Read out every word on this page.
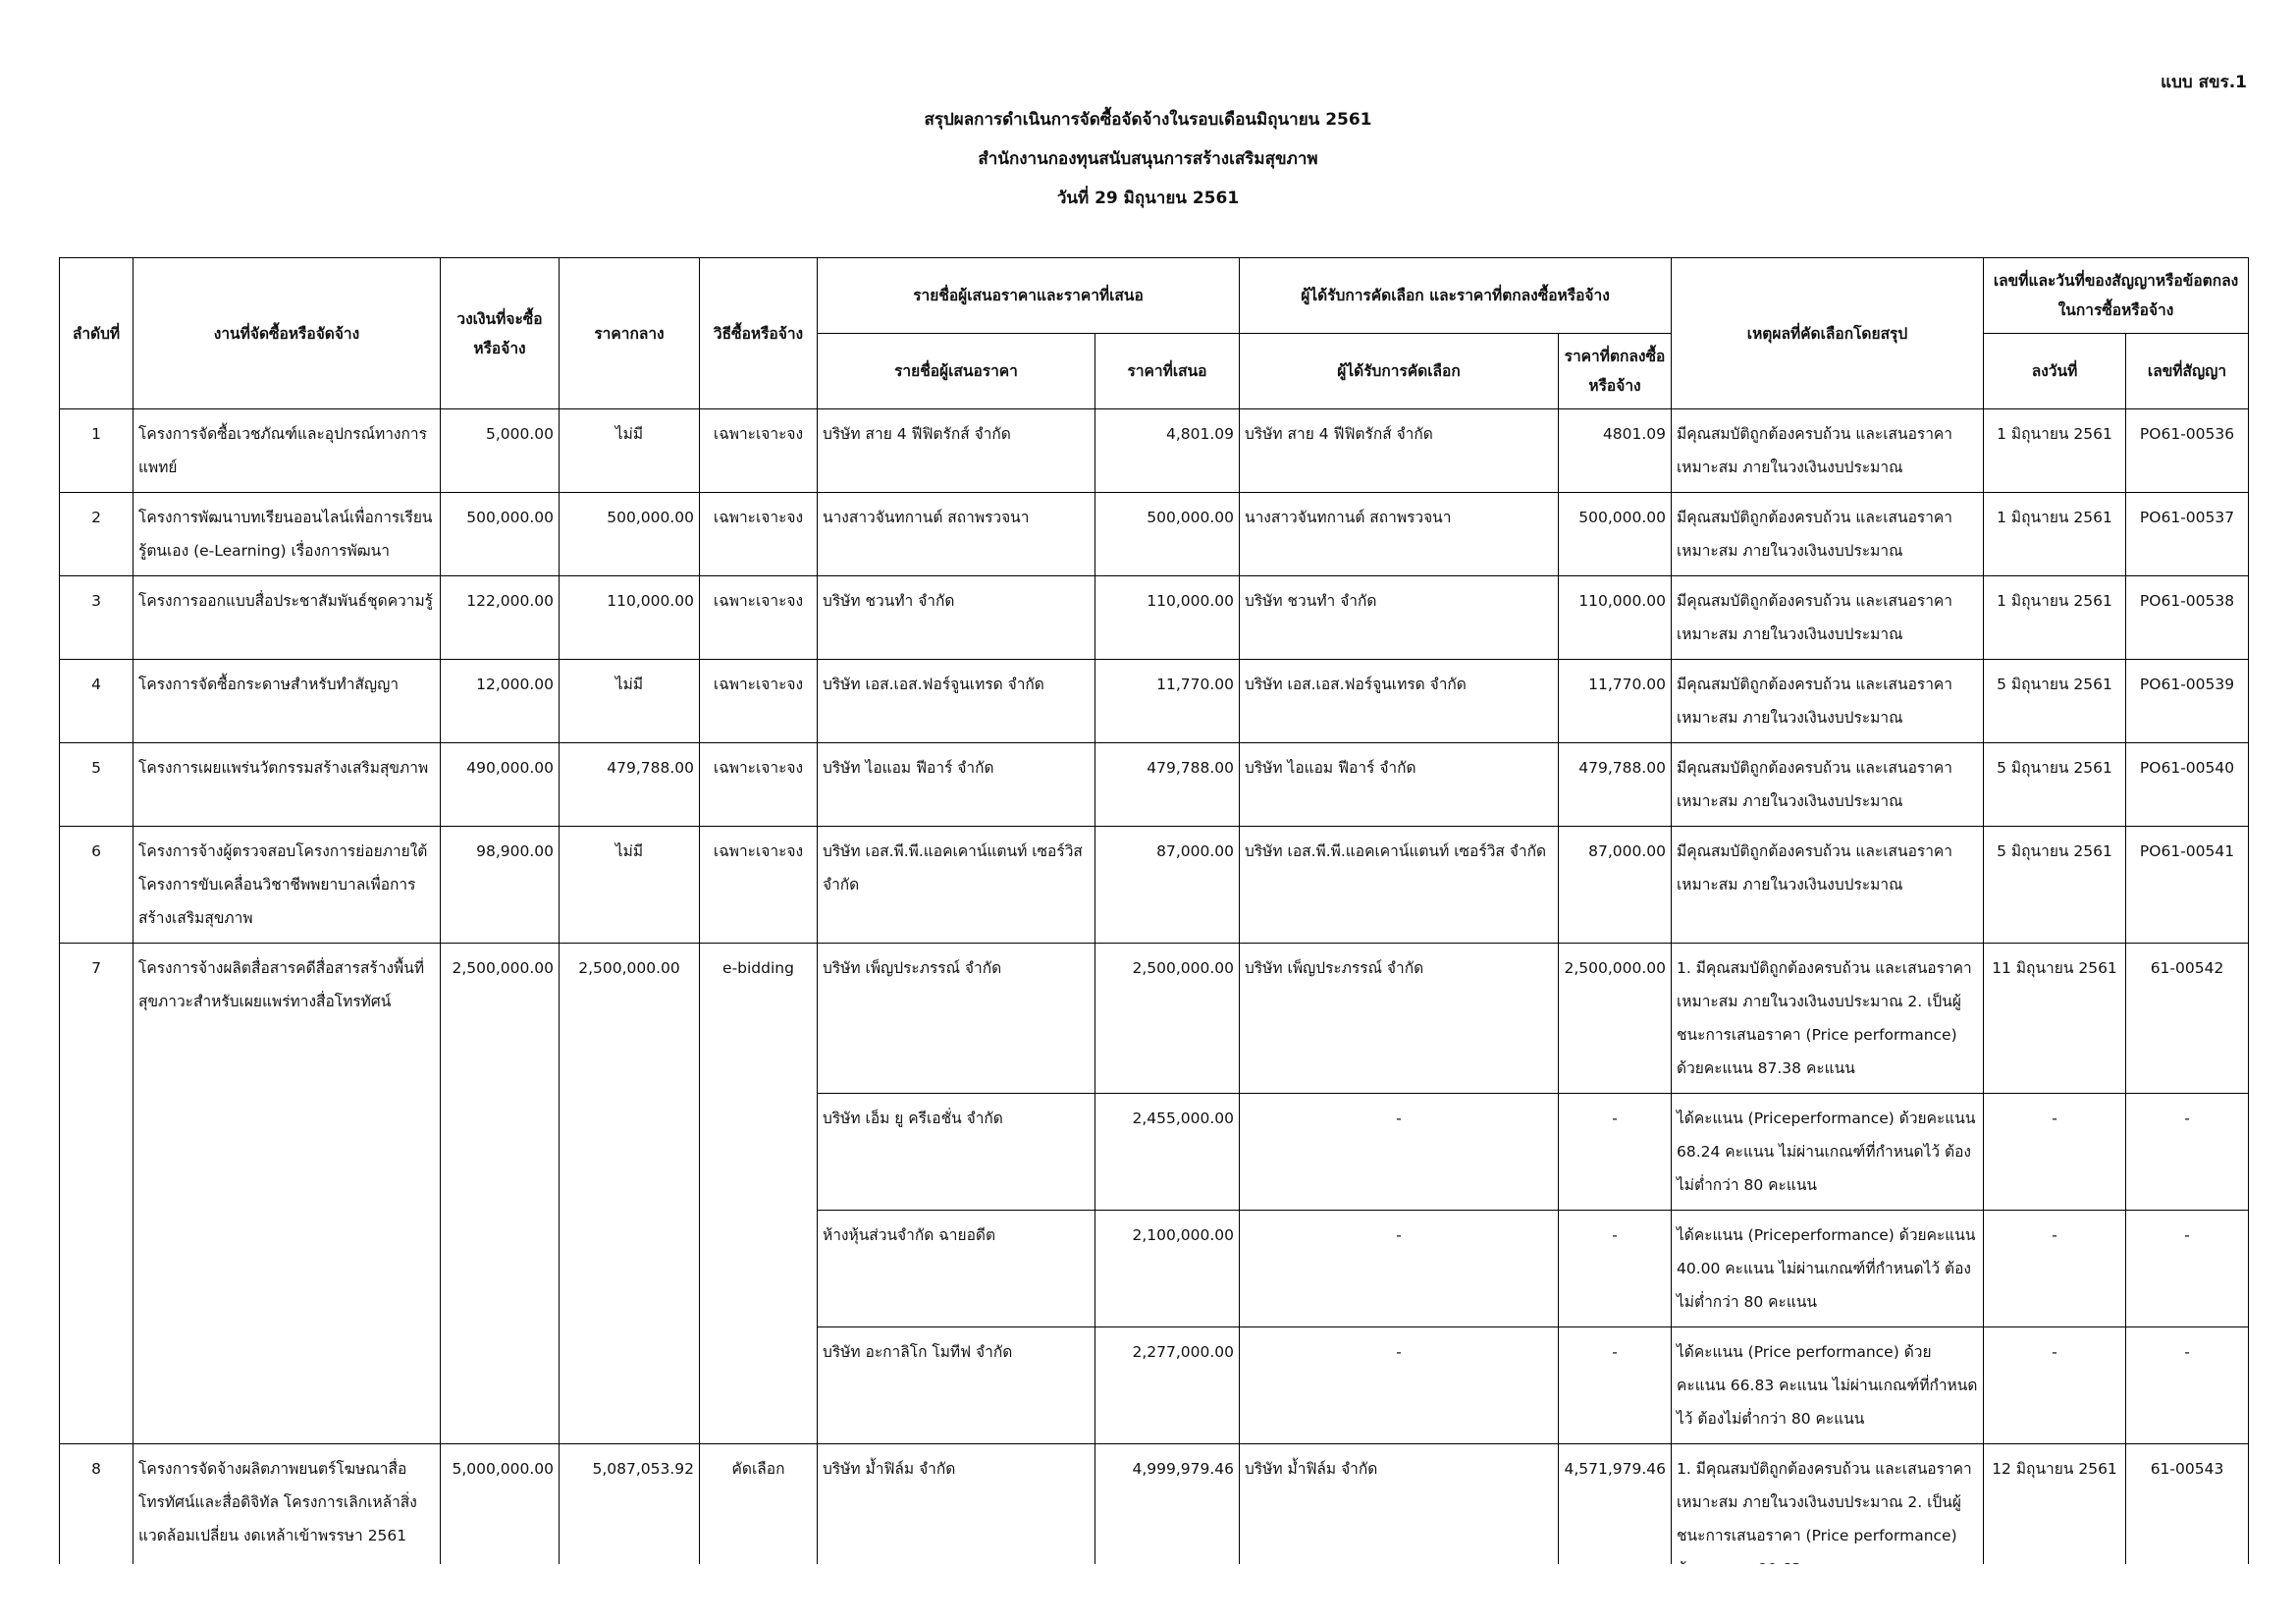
แบบ สขร.1
สรุปผลการดำเนินการจัดซื้อจัดจ้างในรอบเดือนมิถุนายน 2561
สำนักงานกองทุนสนับสนุนการสร้างเสริมสุขภาพ
วันที่ 29 มิถุนายน 2561
ลำดับที่	งานที่จัดซื้อหรือจัดจ้าง	วงเงินที่จะซื้อหรือจ้าง	ราคากลาง	วิธีซื้อหรือจ้าง	รายชื่อผู้เสนอราคาและราคาที่เสนอ		ผู้ได้รับการคัดเลือก และราคาที่ตกลงซื้อหรือจ้าง		เหตุผลที่คัดเลือกโดยสรุป	เลขที่และวันที่ของสัญญาหรือข้อตกลงในการซื้อหรือจ้าง	
					รายชื่อผู้เสนอราคา	ราคาที่เสนอ	ผู้ได้รับการคัดเลือก	ราคาที่ตกลงซื้อหรือจ้าง		ลงวันที่	เลขที่สัญญา
1	โครงการจัดซื้อเวชภัณฑ์และอุปกรณ์ทางการแพทย์	5,000.00	ไม่มี	เฉพาะเจาะจง	บริษัท สาย 4 ฟีฟิตรักส์ จำกัด	4,801.09	บริษัท สาย 4 ฟีฟิตรักส์ จำกัด	4801.09	มีคุณสมบัติถูกต้องครบถ้วน และเสนอราคาเหมาะสม ภายในวงเงินงบประมาณ	1 มิถุนายน 2561	PO61-00536
2	โครงการพัฒนาบทเรียนออนไลน์เพื่อการเรียนรู้ตนเอง (e-Learning) เรื่องการพัฒนา	500,000.00	500,000.00	เฉพาะเจาะจง	นางสาวจันทกานต์ สถาพรวจนา	500,000.00	นางสาวจันทกานต์ สถาพรวจนา	500,000.00	มีคุณสมบัติถูกต้องครบถ้วน และเสนอราคาเหมาะสม ภายในวงเงินงบประมาณ	1 มิถุนายน 2561	PO61-00537
3	โครงการออกแบบสื่อประชาสัมพันธ์ชุดความรู้	122,000.00	110,000.00	เฉพาะเจาะจง	บริษัท ชวนทำ จำกัด	110,000.00	บริษัท ชวนทำ จำกัด	110,000.00	มีคุณสมบัติถูกต้องครบถ้วน และเสนอราคาเหมาะสม ภายในวงเงินงบประมาณ	1 มิถุนายน 2561	PO61-00538
4	โครงการจัดซื้อกระดาษสำหรับทำสัญญา	12,000.00	ไม่มี	เฉพาะเจาะจง	บริษัท เอส.เอส.ฟอร์จูนเทรด จำกัด	11,770.00	บริษัท เอส.เอส.ฟอร์จูนเทรด จำกัด	11,770.00	มีคุณสมบัติถูกต้องครบถ้วน และเสนอราคาเหมาะสม ภายในวงเงินงบประมาณ	5 มิถุนายน 2561	PO61-00539
5	โครงการเผยแพร่นวัตกรรมสร้างเสริมสุขภาพ	490,000.00	479,788.00	เฉพาะเจาะจง	บริษัท ไอแอม ฟีอาร์ จำกัด	479,788.00	บริษัท ไอแอม ฟีอาร์ จำกัด	479,788.00	มีคุณสมบัติถูกต้องครบถ้วน และเสนอราคาเหมาะสม ภายในวงเงินงบประมาณ	5 มิถุนายน 2561	PO61-00540
6	โครงการจ้างผู้ตรวจสอบโครงการย่อยภายใต้โครงการขับเคลื่อนวิชาชีพพยาบาลเพื่อการสร้างเสริมสุขภาพ	98,900.00	ไม่มี	เฉพาะเจาะจง	บริษัท เอส.พี.พี.แอคเคาน์แตนท์ เซอร์วิส จำกัด	87,000.00	บริษัท เอส.พี.พี.แอคเคาน์แตนท์ เซอร์วิส จำกัด	87,000.00	มีคุณสมบัติถูกต้องครบถ้วน และเสนอราคาเหมาะสม ภายในวงเงินงบประมาณ	5 มิถุนายน 2561	PO61-00541
7	โครงการจ้างผลิตสื่อสารคดีสื่อสารสร้างพื้นที่สุขภาวะสำหรับเผยแพร่ทางสื่อโทรทัศน์	2,500,000.00	2,500,000.00	e-bidding	บริษัท เพ็ญประภรรณ์ จำกัด	2,500,000.00	บริษัท เพ็ญประภรรณ์ จำกัด	2,500,000.00	1. มีคุณสมบัติถูกต้องครบถ้วน และเสนอราคาเหมาะสม ภายในวงเงินงบประมาณ 2. เป็นผู้ชนะการเสนอราคา (Price performance) ด้วยคะแนน 87.38 คะแนน	11 มิถุนายน 2561	61-00542
					บริษัท เอ็ม ยู ครีเอชั่น จำกัด	2,455,000.00	-	-	ได้คะแนน (Priceperformance) ด้วยคะแนน 68.24 คะแนน ไม่ผ่านเกณฑ์ที่กำหนดไว้ ต้องไม่ต่ำกว่า 80 คะแนน	-	-
					ห้างหุ้นส่วนจำกัด ฉายอดีต	2,100,000.00	-	-	ได้คะแนน (Priceperformance) ด้วยคะแนน 40.00 คะแนน ไม่ผ่านเกณฑ์ที่กำหนดไว้ ต้องไม่ต่ำกว่า 80 คะแนน	-	-
					บริษัท อะกาลิโก โมทีฟ จำกัด	2,277,000.00	-	-	ได้คะแนน (Price performance) ด้วยคะแนน 66.83 คะแนน ไม่ผ่านเกณฑ์ที่กำหนดไว้ ต้องไม่ต่ำกว่า 80 คะแนน	-	-
8	โครงการจัดจ้างผลิตภาพยนตร์โฆษณาสื่อโทรทัศน์และสื่อดิจิทัล โครงการเลิกเหล้าสิ่งแวดล้อมเปลี่ยน งดเหล้าเข้าพรรษา 2561	5,000,000.00	5,087,053.92	คัดเลือก	บริษัท ม้ำฟิล์ม จำกัด	4,999,979.46	บริษัท ม้ำฟิล์ม จำกัด	4,571,979.46	1. มีคุณสมบัติถูกต้องครบถ้วน และเสนอราคาเหมาะสม ภายในวงเงินงบประมาณ 2. เป็นผู้ชนะการเสนอราคา (Price performance)	12 มิถุนายน 2561	61-00543
